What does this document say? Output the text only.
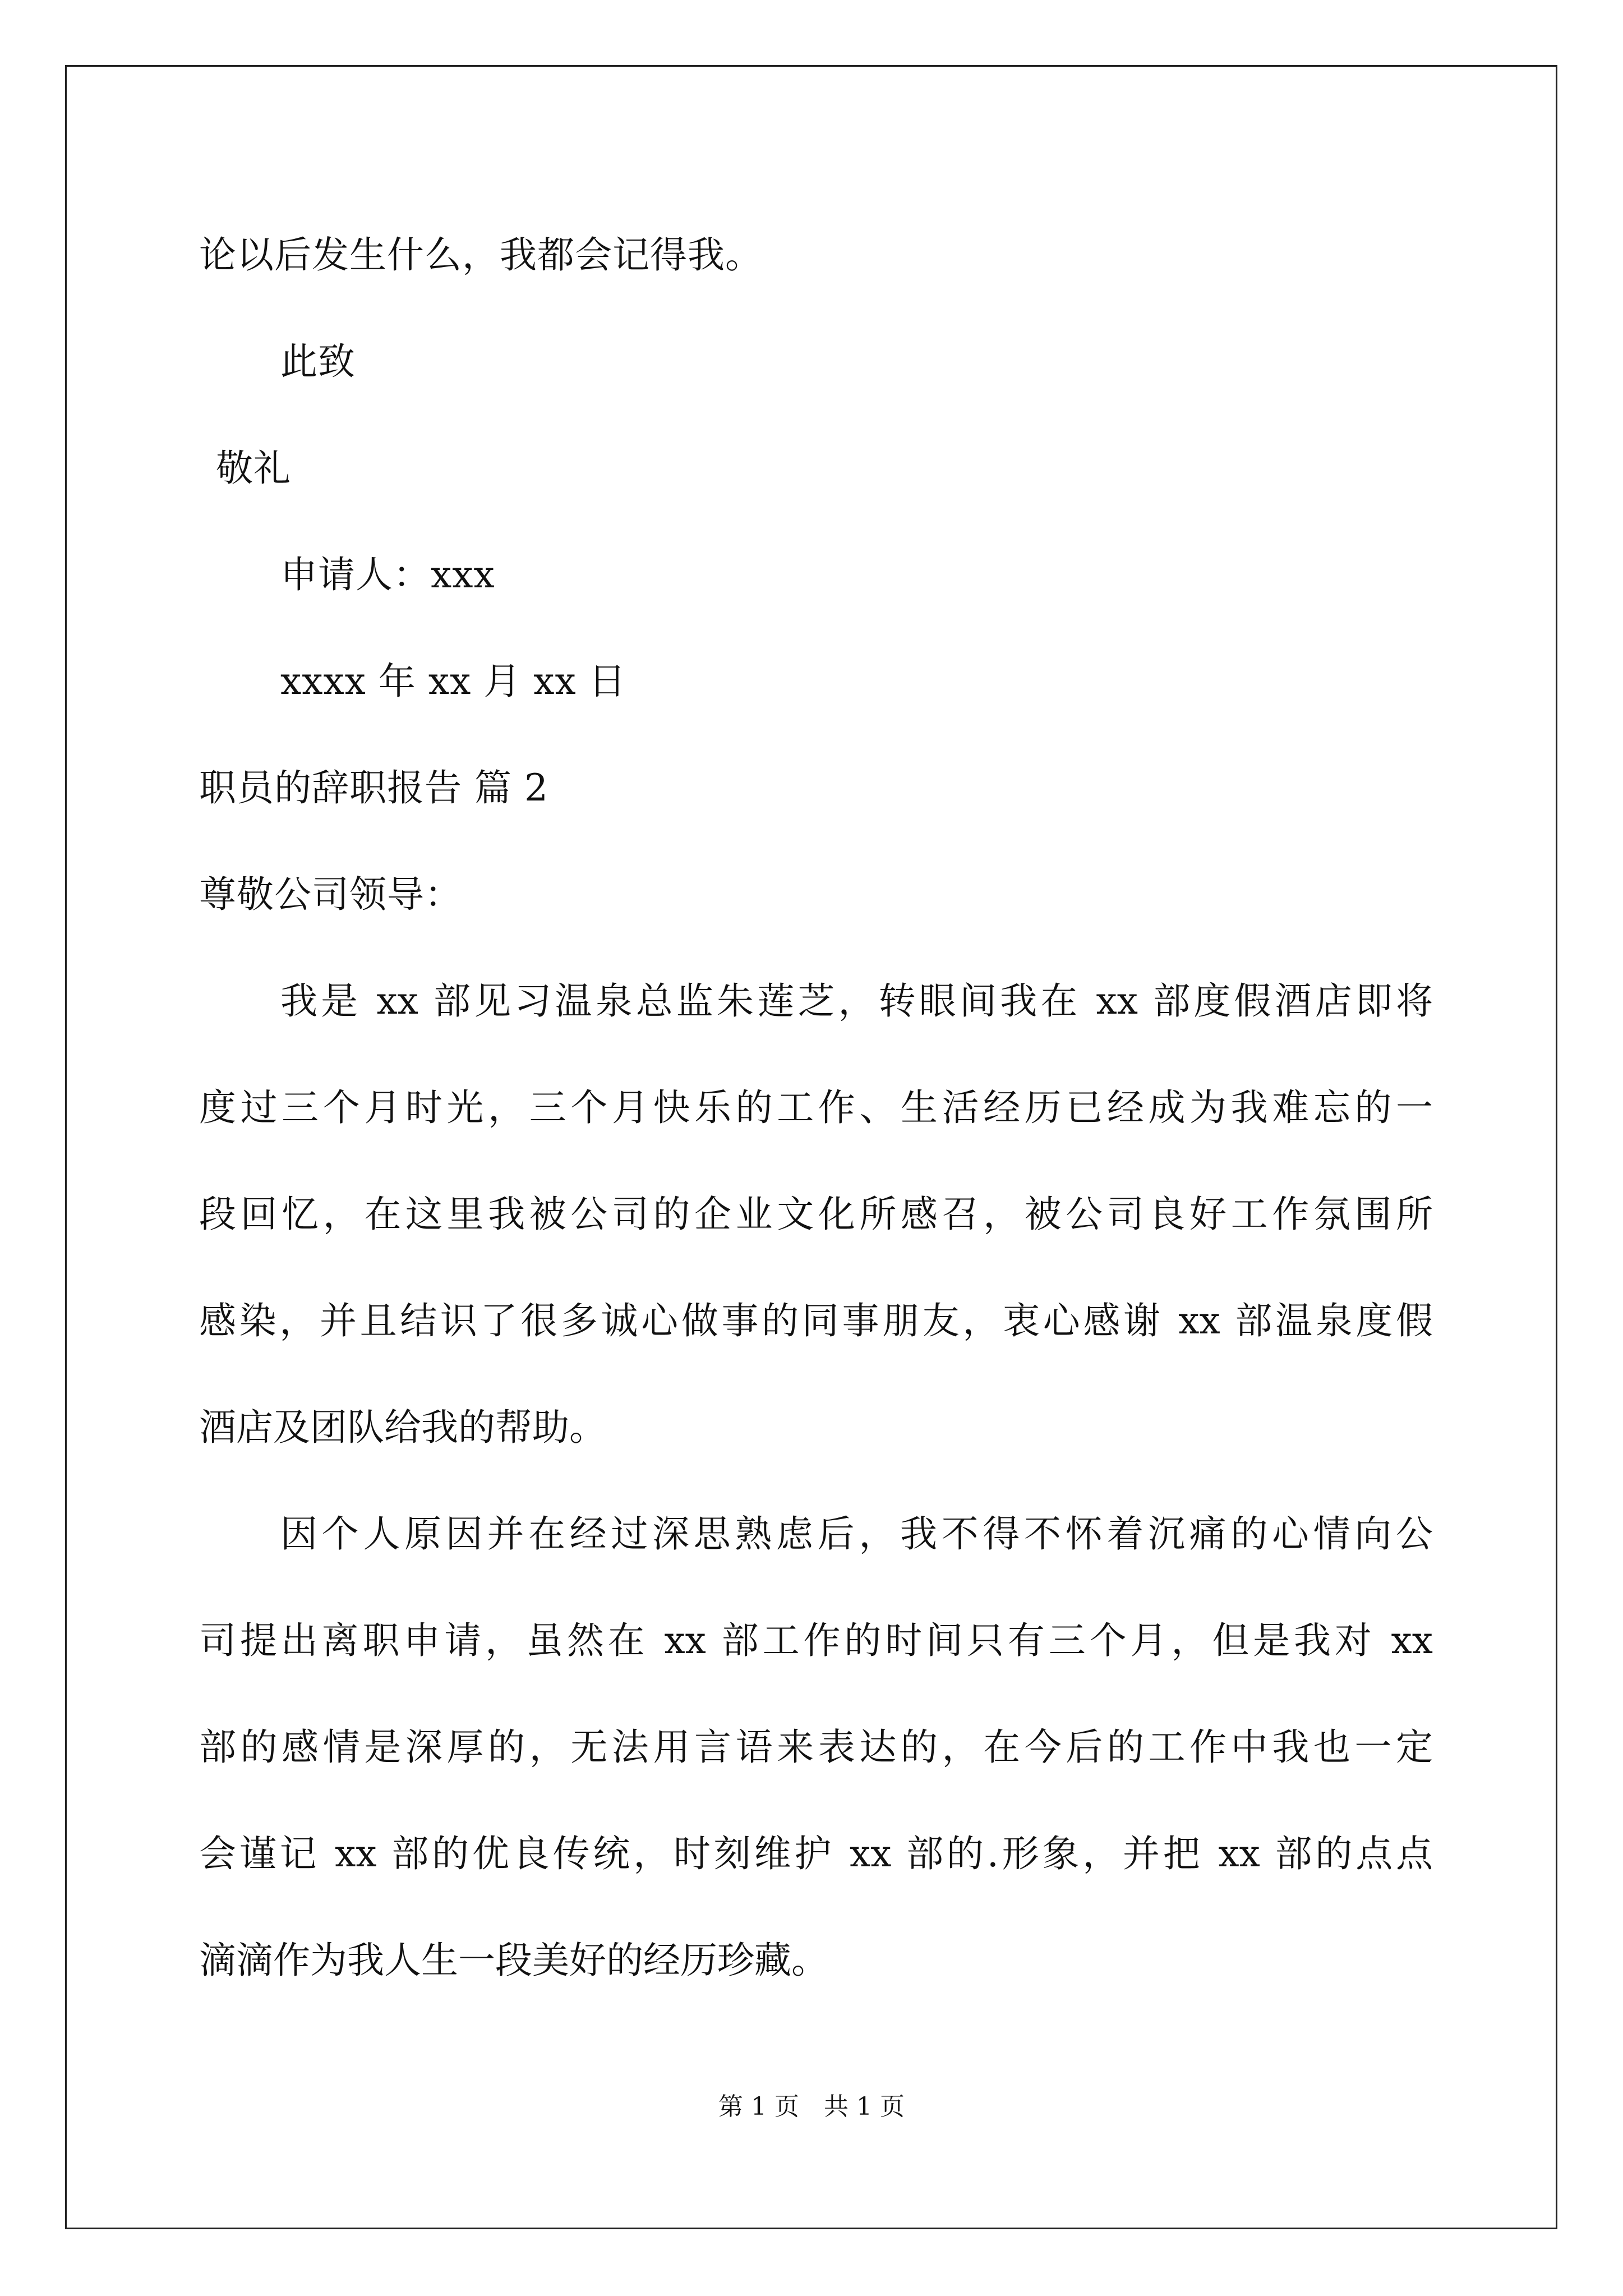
论以后发生什么，我都会记得我。
此致
敬礼
申请人：xxx
xxxx 年 xx 月 xx 日
职员的辞职报告 篇 2
尊敬公司领导：
我是 xx 部见习温泉总监朱莲芝，转眼间我在 xx 部度假酒店即将
度过三个月时光，三个月快乐的工作、生活经历已经成为我难忘的一
段回忆，在这里我被公司的企业文化所感召，被公司良好工作氛围所
感染，并且结识了很多诚心做事的同事朋友，衷心感谢 xx 部温泉度假
酒店及团队给我的帮助。
因个人原因并在经过深思熟虑后，我不得不怀着沉痛的心情向公
司提出离职申请，虽然在 xx 部工作的时间只有三个月，但是我对 xx
部的感情是深厚的，无法用言语来表达的，在今后的工作中我也一定
会谨记 xx 部的优良传统，时刻维护 xx 部的.形象，并把 xx 部的点点
滴滴作为我人生一段美好的经历珍藏。
第 1 页　共 1 页
